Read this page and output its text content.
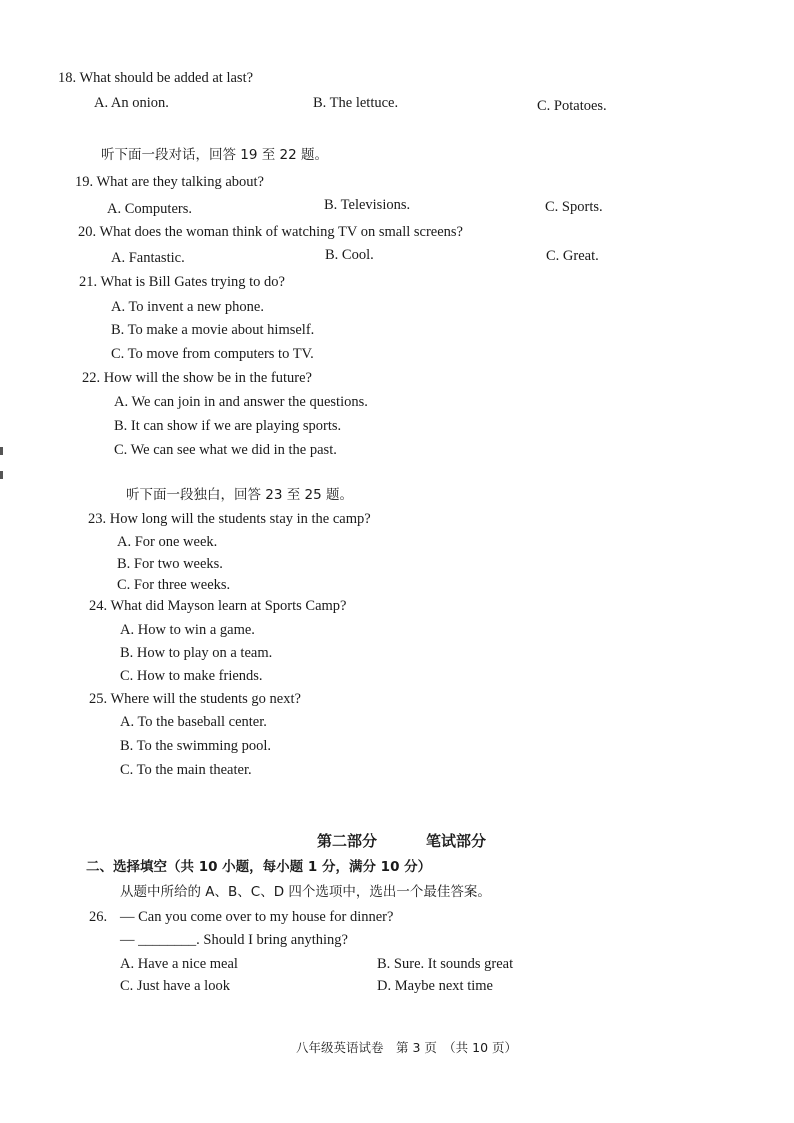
18. What should be added at last?
A. An onion.	B. The lettuce.	C. Potatoes.
听下面一段对话，回答 19 至 22 题。
19. What are they talking about?
A. Computers.	B. Televisions.	C. Sports.
20. What does the woman think of watching TV on small screens?
A. Fantastic.	B. Cool.	C. Great.
21. What is Bill Gates trying to do?
A. To invent a new phone.
B. To make a movie about himself.
C. To move from computers to TV.
22. How will the show be in the future?
A. We can join in and answer the questions.
B. It can show if we are playing sports.
C. We can see what we did in the past.
听下面一段独白，回答 23 至 25 题。
23. How long will the students stay in the camp?
A. For one week.
B. For two weeks.
C. For three weeks.
24. What did Mayson learn at Sports Camp?
A. How to win a game.
B. How to play on a team.
C. How to make friends.
25. Where will the students go next?
A. To the baseball center.
B. To the swimming pool.
C. To the main theater.
第二部分	笔试部分
二、选择填空（共 10 小题，每小题 1 分，满分 10 分）
从题中所给的 A、B、C、D 四个选项中，选出一个最佳答案。
26. — Can you come over to my house for dinner?
— ________. Should I bring anything?
A. Have a nice meal	B. Sure. It sounds great
C. Just have a look	D. Maybe next time
八年级英语试卷　第 3 页　（共 10 页）
